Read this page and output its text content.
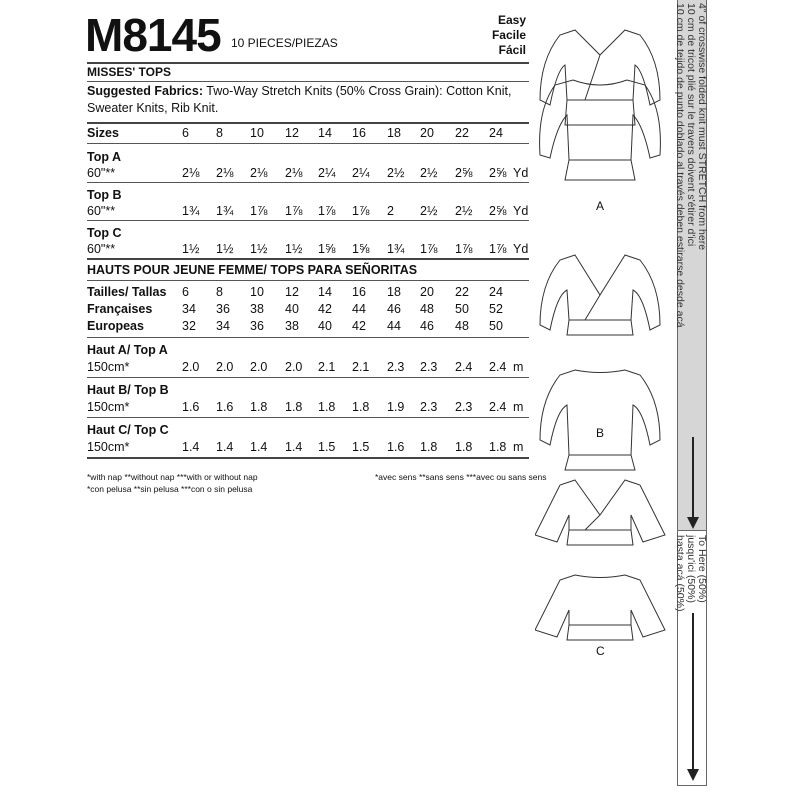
M8145 10 PIECES/PIEZAS
Easy
Facile
Fácil
MISSES' TOPS
Suggested Fabrics: Two-Way Stretch Knits (50% Cross Grain): Cotton Knit, Sweater Knits, Rib Knit.
Sizes	6 8 10 12 14 16 18 20 22 24
Top A
60"**	2⅛ 2⅛ 2⅛ 2⅛ 2¼ 2¼ 2½ 2½ 2⅝ 2⅝ Yd
Top B
60"**	1¾ 1¾ 1⅞ 1⅞ 1⅞ 1⅞ 2 2½ 2½ 2⅝ Yd
Top C
60"**	1½ 1½ 1½ 1½ 1⅝ 1⅝ 1¾ 1⅞ 1⅞ 1⅞ Yd
HAUTS POUR JEUNE FEMME/ TOPS PARA SEÑORITAS
Tailles/ Tallas 6 8 10 12 14 16 18 20 22 24
Françaises 34 36 38 40 42 44 46 48 50 52
Europeas	32 34 36 38 40 42 44 46 48 50
Haut A/ Top A
150cm*	2.0 2.0 2.0 2.0 2.1 2.1 2.3 2.3 2.4 2.4 m
Haut B/ Top B
150cm*	1.6 1.6 1.8 1.8 1.8 1.8 1.9 2.3 2.3 2.4 m
Haut C/ Top C
150cm*	1.4 1.4 1.4 1.4 1.5 1.5 1.6 1.8 1.8 1.8 m
*with nap **without nap ***with or without nap
*con pelusa **sin pelusa ***con o sin pelusa
*avec sens **sans sens ***avec ou sans sens
A
B
C
4" of crosswise folded knit must STRETCH from here
10 cm de tricot plié sur le travers doivent s'étirer d'ici
10 cm de tejido de punto doblado al través deben estirarse desde acá
To Here (50%)
jusqu'ici (50%)
hasta acá (50%)
